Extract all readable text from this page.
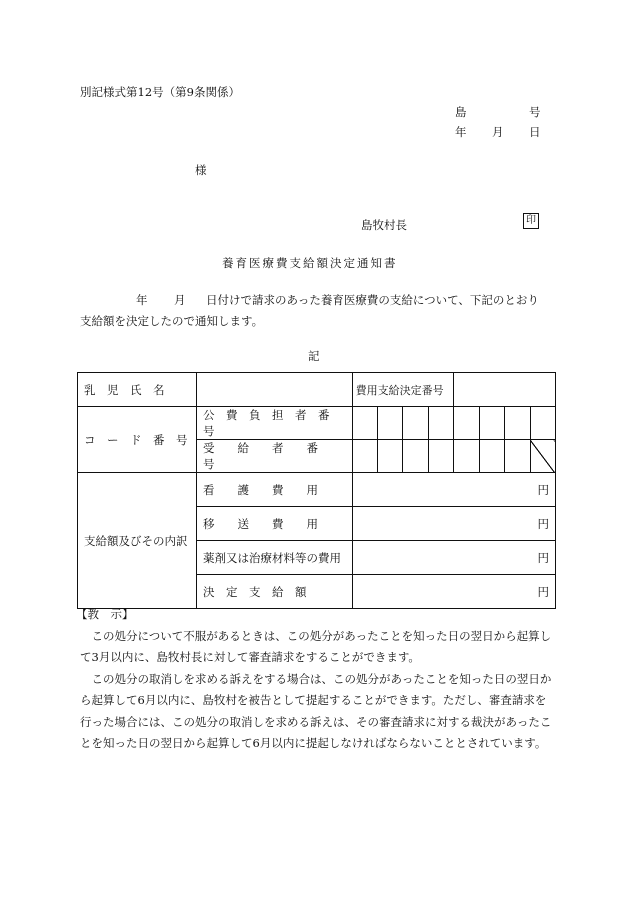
別記様式第12号（第9条関係）
島	号
年 月 日
様
島牧村長	印
養育医療費支給額決定通知書

年 月 日付けで請求のあった養育医療費の支給について、下記のとおり

支給額を決定したので通知します。

記
乳　児　氏　名		費用支給決定番号							
コ　ー　ド　番　号	公　費　負　担　者　番　号								
	受　　給　　者　　番　　号								
支給額及びその内訳	看　　護　　費　　用	円							
	移　　送　　費　　用	円							
	薬剤又は治療材料等の費用	円							
	決　定　支　給　額	円							

【教　示】

この処分について不服があるときは、この処分があったことを知った日の翌日から起算して3月以内に、島牧村長に対して審査請求をすることができます。

この処分の取消しを求める訴えをする場合は、この処分があったことを知った日の翌日から起算して6月以内に、島牧村を被告として提起することができます。ただし、審査請求を行った場合には、この処分の取消しを求める訴えは、その審査請求に対する裁決があったことを知った日の翌日から起算して6月以内に提起しなければならないこととされています。
